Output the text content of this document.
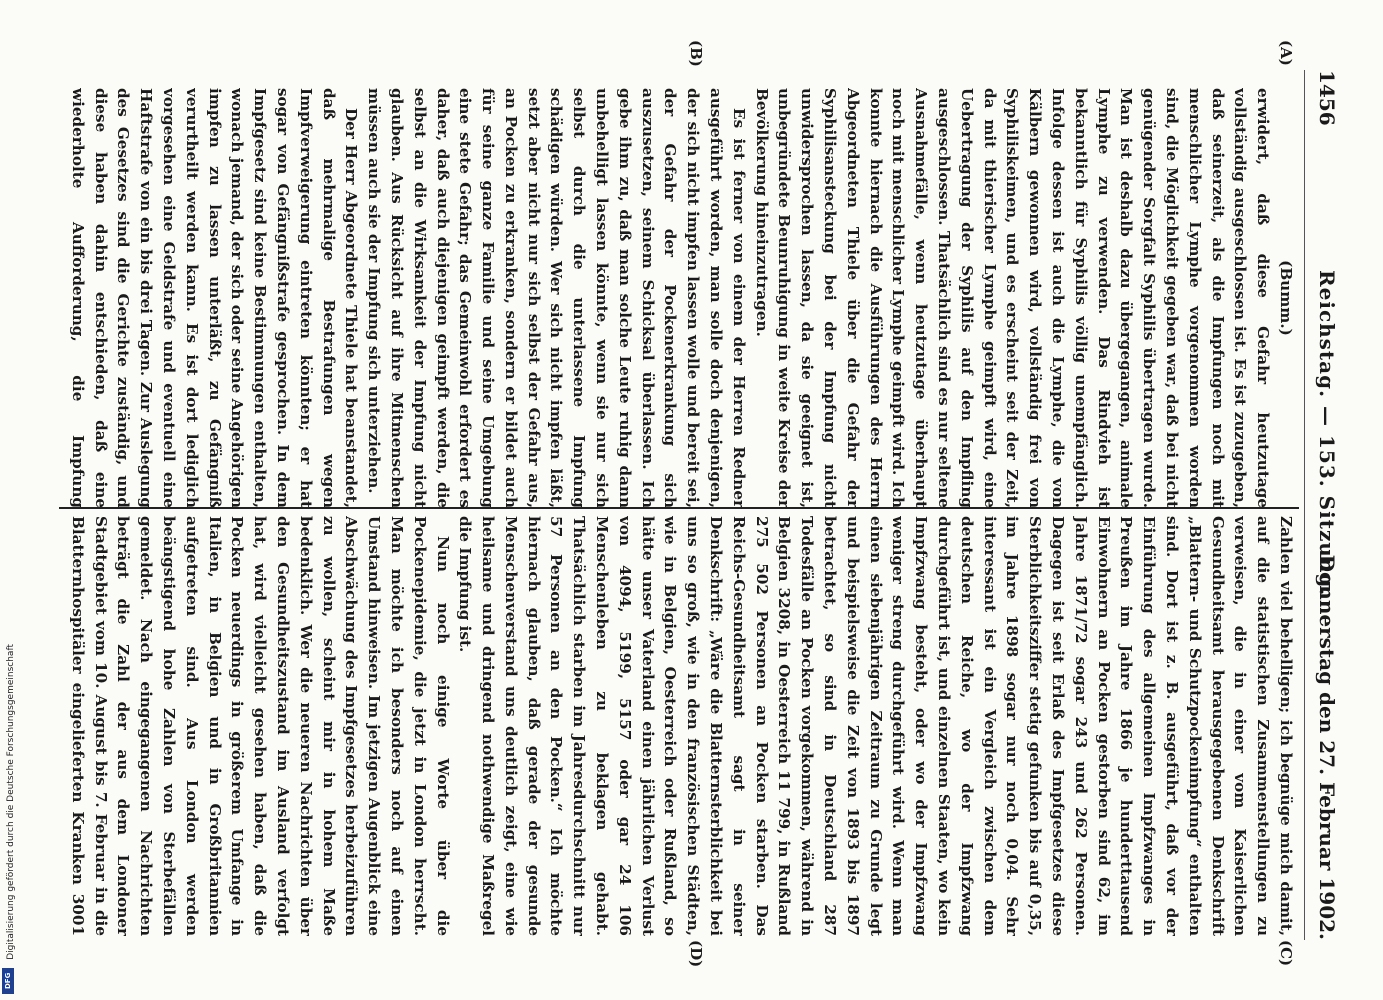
1456
Reichstag. — 153. Sitzung.
Donnerstag den 27. Februar 1902.
(A)
(B)
(C)
(D)

(Bumm.)

erwidert, daß diese Gefahr heutzutage vollständig ausgeschlossen ist. Es ist zuzugeben, daß seinerzeit, als die Impfungen noch mit menschlicher Lymphe vorgenommen worden sind, die Möglichkeit gegeben war, daß bei nicht genügender Sorgfalt Syphilis übertragen wurde. Man ist deshalb dazu übergegangen, animale Lymphe zu verwenden. Das Rindvieh ist bekanntlich für Syphilis völlig unempfänglich. Infolge dessen ist auch die Lymphe, die von Kälbern gewonnen wird, vollständig frei von Syphiliskeimen, und es erscheint seit der Zeit, da mit thierischer Lymphe geimpft wird, eine Uebertragung der Syphilis auf den Impfling ausgeschlossen. Thatsächlich sind es nur seltene Ausnahmefälle, wenn heutzutage überhaupt noch mit menschlicher Lymphe geimpft wird. Ich konnte hiernach die Ausführungen des Herrn Abgeordneten Thiele über die Gefahr der Syphilisansteckung bei der Impfung nicht unwidersprochen lassen, da sie geeignet ist, unbegründete Beunruhigung in weite Kreise der Bevölkerung hineinzutragen.

Es ist ferner von einem der Herren Redner ausgeführt worden, man solle doch denjenigen, der sich nicht impfen lassen wolle und bereit sei, der Gefahr der Pockenerkrankung sich auszusetzen, seinem Schicksal überlassen. Ich gebe ihm zu, daß man solche Leute ruhig dann unbehelligt lassen könnte, wenn sie nur sich selbst durch die unterlassene Impfung schädigen würden. Wer sich nicht impfen läßt, setzt aber nicht nur sich selbst der Gefahr aus, an Pocken zu erkranken, sondern er bildet auch für seine ganze Familie und seine Umgebung eine stete Gefahr; das Gemeinwohl erfordert es daher, daß auch diejenigen geimpft werden, die selbst an die Wirksamkeit der Impfung nicht glauben. Aus Rücksicht auf ihre Mitmenschen müssen auch sie der Impfung sich unterziehen.

Der Herr Abgeordnete Thiele hat beanstandet, daß mehrmalige Bestrafungen wegen Impfverweigerung eintreten könnten; er hat sogar von Gefängnißstrafe gesprochen. In dem Impfgesetz sind keine Bestimmungen enthalten, wonach jemand, der sich oder seine Angehörigen impfen zu lassen unterläßt, zu Gefängniß verurtheilt werden kann. Es ist dort lediglich vorgesehen eine Geldstrafe und eventuell eine Haftstrafe von ein bis drei Tagen. Zur Auslegung des Gesetzes sind die Gerichte zuständig, und diese haben dahin entschieden, daß eine wiederholte Aufforderung, die Impfung

Zahlen viel behelligen; ich begnüge mich damit, auf die statistischen Zusammenstellungen zu verweisen, die in einer vom Kaiserlichen Gesundheitsamt herausgegebenen Denkschrift „Blattern- und Schutzpockenimpfung“ enthalten sind. Dort ist z. B. ausgeführt, daß vor der Einführung des allgemeinen Impfzwanges in Preußen im Jahre 1866 je hunderttausend Einwohnern an Pocken gestorben sind 62, im Jahre 1871/72 sogar 243 und 262 Personen. Dagegen ist seit Erlaß des Impfgesetzes diese Sterblichkeitsziffer stetig gefunken bis auf 0,35, im Jahre 1898 sogar nur noch 0,04. Sehr interessant ist ein Vergleich zwischen dem deutschen Reiche, wo der Impfzwang durchgeführt ist, und einzelnen Staaten, wo kein Impfzwang besteht, oder wo der Impfzwang weniger streng durchgeführt wird. Wenn man einen siebenjährigen Zeitraum zu Grunde legt und beispielsweise die Zeit von 1893 bis 1897 betrachtet, so sind in Deutschland 287 Todesfälle an Pocken vorgekommen, während in Belgien 3208, in Oesterreich 11 799, in Rußland 275 502 Personen an Pocken starben. Das Reichs-Gesundheitsamt sagt in seiner Denkschrift: „Wäre die Blatternsterblichkeit bei uns so groß, wie in den französischen Städten, wie in Belgien, Oesterreich oder Rußland, so hätte unser Vaterland einen jährlichen Verlust von 4094, 5199, 5157 oder gar 24 106 Menschenleben zu beklagen gehabt. Thatsächlich starben im Jahresdurchschnitt nur 57 Personen an den Pocken.“ Ich möchte hiernach glauben, daß gerade der gesunde Menschenverstand uns deutlich zeigt, eine wie heilsame und dringend nothwendige Maßregel die Impfung ist.

Nun noch einige Worte über die Pockenepidemie, die jetzt in London herrscht. Man möchte ich besonders noch auf einen Umstand hinweisen. Im jetzigen Augenblick eine Abschwächung des Impfgesetzes herbeizuführen zu wollen, scheint mir in hohem Maße bedenklich. Wer die neueren Nachrichten über den Gesundheitszustand im Ausland verfolgt hat, wird vielleicht gesehen haben, daß die Pocken neuerdings in größerem Umfange in Italien, in Belgien und in Großbritannien aufgetreten sind. Aus London werden beängstigend hohe Zahlen von Sterbefällen gemeldet. Nach eingegangenen Nachrichten beträgt die Zahl der aus dem Londoner Stadtgebiet vom 10. August bis 7. Februar in die Blatternhospitäler eingelieferten Kranken 3001

Digitalisierung gefördert durch die Deutsche Forschungsgemeinschaft
DFG
